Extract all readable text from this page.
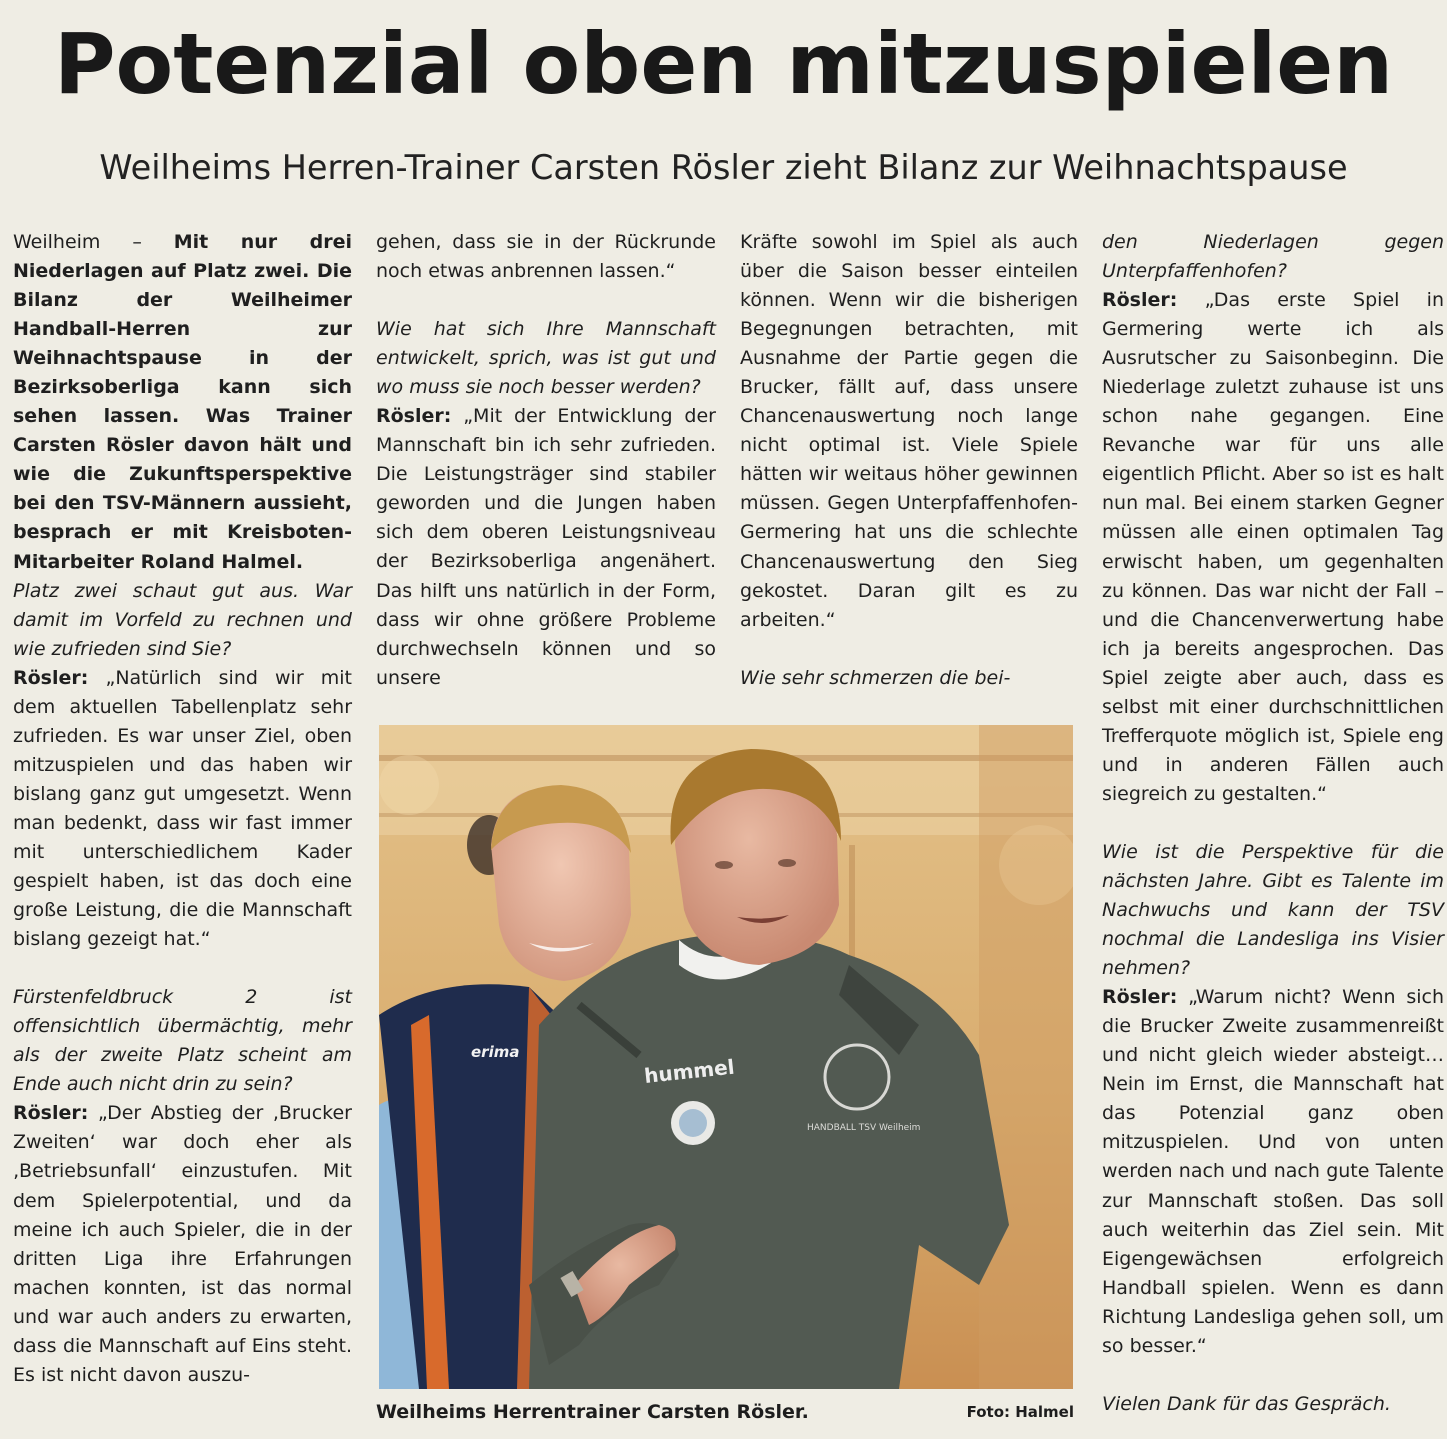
Potenzial oben mitzuspielen
Weilheims Herren-Trainer Carsten Rösler zieht Bilanz zur Weihnachtspause

Weilheim – Mit nur drei Niederlagen auf Platz zwei. Die Bilanz der Weilheimer Handball-Herren zur Weihnachtspause in der Bezirksoberliga kann sich sehen lassen. Was Trainer Carsten Rösler davon hält und wie die Zukunftsperspektive bei den TSV-Männern aussieht, besprach er mit Kreisboten-Mitarbeiter Roland Halmel.

Platz zwei schaut gut aus. War damit im Vorfeld zu rechnen und wie zufrieden sind Sie?

Rösler: „Natürlich sind wir mit dem aktuellen Tabellenplatz sehr zufrieden. Es war unser Ziel, oben mitzuspielen und das haben wir bislang ganz gut umgesetzt. Wenn man bedenkt, dass wir fast immer mit unterschiedlichem Kader gespielt haben, ist das doch eine große Leistung, die die Mannschaft bislang gezeigt hat.“

Fürstenfeldbruck 2 ist offensichtlich übermächtig, mehr als der zweite Platz scheint am Ende auch nicht drin zu sein?

Rösler: „Der Abstieg der ‚Brucker Zweiten‘ war doch eher als ‚Betriebsunfall‘ einzustufen. Mit dem Spielerpotential, und da meine ich auch Spieler, die in der dritten Liga ihre Erfahrungen machen konnten, ist das normal und war auch anders zu erwarten, dass die Mannschaft auf Eins steht. Es ist nicht davon auszu-

gehen, dass sie in der Rückrunde noch etwas anbrennen lassen.“

Wie hat sich Ihre Mannschaft entwickelt, sprich, was ist gut und wo muss sie noch besser werden?

Rösler: „Mit der Entwicklung der Mannschaft bin ich sehr zufrieden. Die Leistungsträger sind stabiler geworden und die Jungen haben sich dem oberen Leistungsniveau der Bezirksoberliga angenähert. Das hilft uns natürlich in der Form, dass wir ohne größere Probleme durchwechseln können und so unsere

Kräfte sowohl im Spiel als auch über die Saison besser einteilen können. Wenn wir die bisherigen Begegnungen betrachten, mit Ausnahme der Partie gegen die Brucker, fällt auf, dass unsere Chancenauswertung noch lange nicht optimal ist. Viele Spiele hätten wir weitaus höher gewinnen müssen. Gegen Unterpfaffenhofen-Germering hat uns die schlechte Chancenauswertung den Sieg gekostet. Daran gilt es zu arbeiten.“

Wie sehr schmerzen die bei-

den Niederlagen gegen Unterpfaffenhofen?

Rösler: „Das erste Spiel in Germering werte ich als Ausrutscher zu Saisonbeginn. Die Niederlage zuletzt zuhause ist uns schon nahe gegangen. Eine Revanche war für uns alle eigentlich Pflicht. Aber so ist es halt nun mal. Bei einem starken Gegner müssen alle einen optimalen Tag erwischt haben, um gegenhalten zu können. Das war nicht der Fall – und die Chancenverwertung habe ich ja bereits angesprochen. Das Spiel zeigte aber auch, dass es selbst mit einer durchschnittlichen Trefferquote möglich ist, Spiele eng und in anderen Fällen auch siegreich zu gestalten.“

Wie ist die Perspektive für die nächsten Jahre. Gibt es Talente im Nachwuchs und kann der TSV nochmal die Landesliga ins Visier nehmen?

Rösler: „Warum nicht? Wenn sich die Brucker Zweite zusammenreißt und nicht gleich wieder absteigt… Nein im Ernst, die Mannschaft hat das Potenzial ganz oben mitzuspielen. Und von unten werden nach und nach gute Talente zur Mannschaft stoßen. Das soll auch weiterhin das Ziel sein. Mit Eigengewächsen erfolgreich Handball spielen. Wenn es dann Richtung Landesliga gehen soll, um so besser.“

Vielen Dank für das Gespräch.

erima
hummel
HANDBALL TSV Weilheim
Weilheims Herrentrainer Carsten Rösler.	Foto: Halmel
